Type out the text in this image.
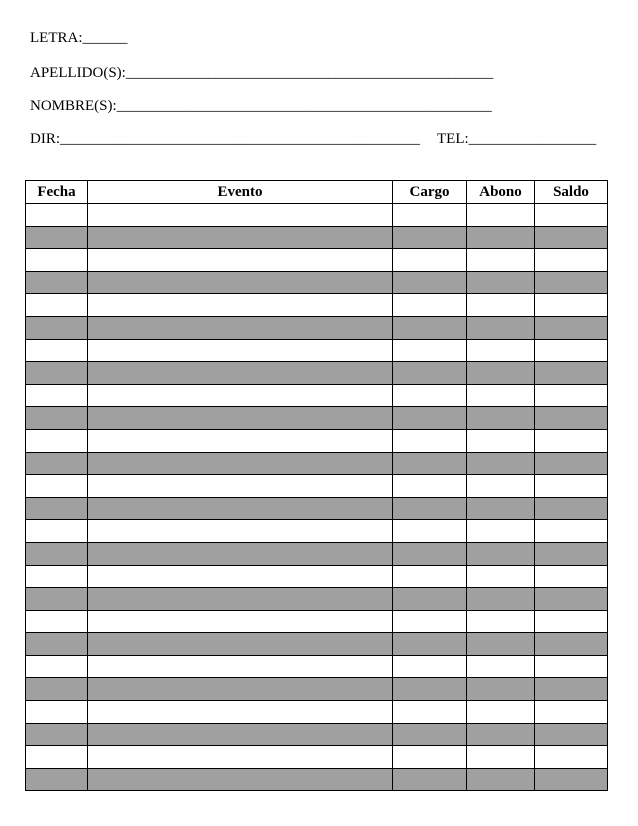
LETRA:______
APELLIDO(S):_________________________________________________
NOMBRE(S):__________________________________________________
DIR:________________________________________________ TEL:_________________
Fecha	Evento	Cargo	Abono	Saldo
